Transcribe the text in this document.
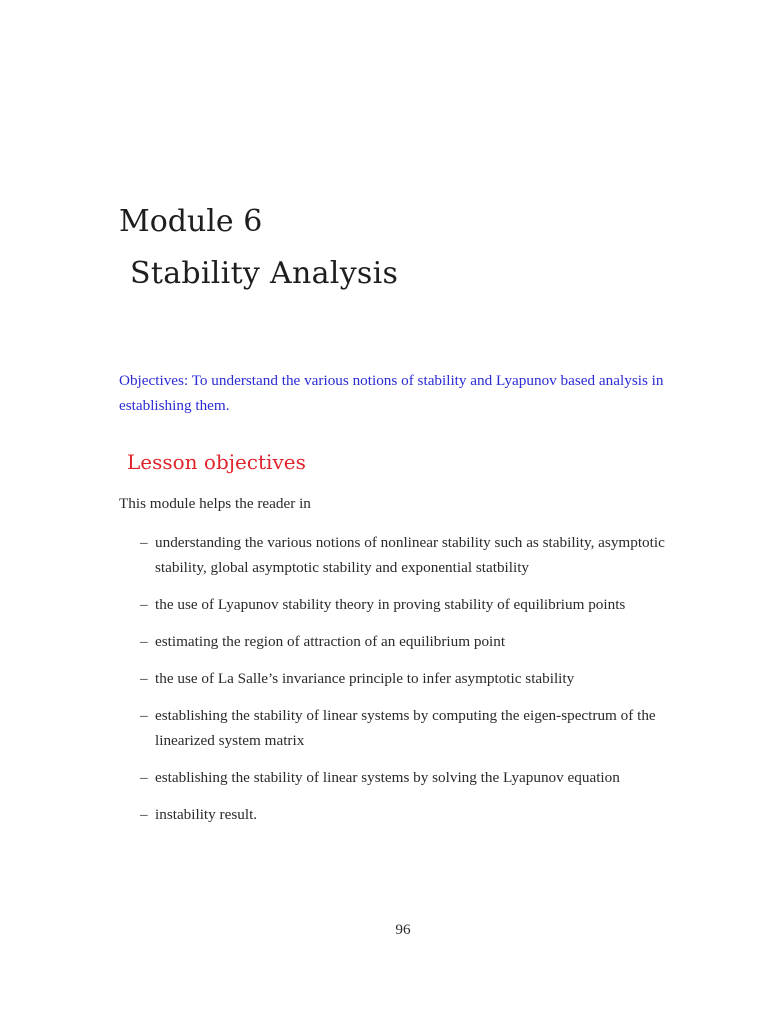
Module 6
Stability Analysis
Objectives: To understand the various notions of stability and Lyapunov based analysis in establishing them.
Lesson objectives
This module helps the reader in
– understanding the various notions of nonlinear stability such as stability, asymptotic stability, global asymptotic stability and exponential statbility
– the use of Lyapunov stability theory in proving stability of equilibrium points
– estimating the region of attraction of an equilibrium point
– the use of La Salle’s invariance principle to infer asymptotic stability
– establishing the stability of linear systems by computing the eigen-spectrum of the linearized system matrix
– establishing the stability of linear systems by solving the Lyapunov equation
– instability result.
96
